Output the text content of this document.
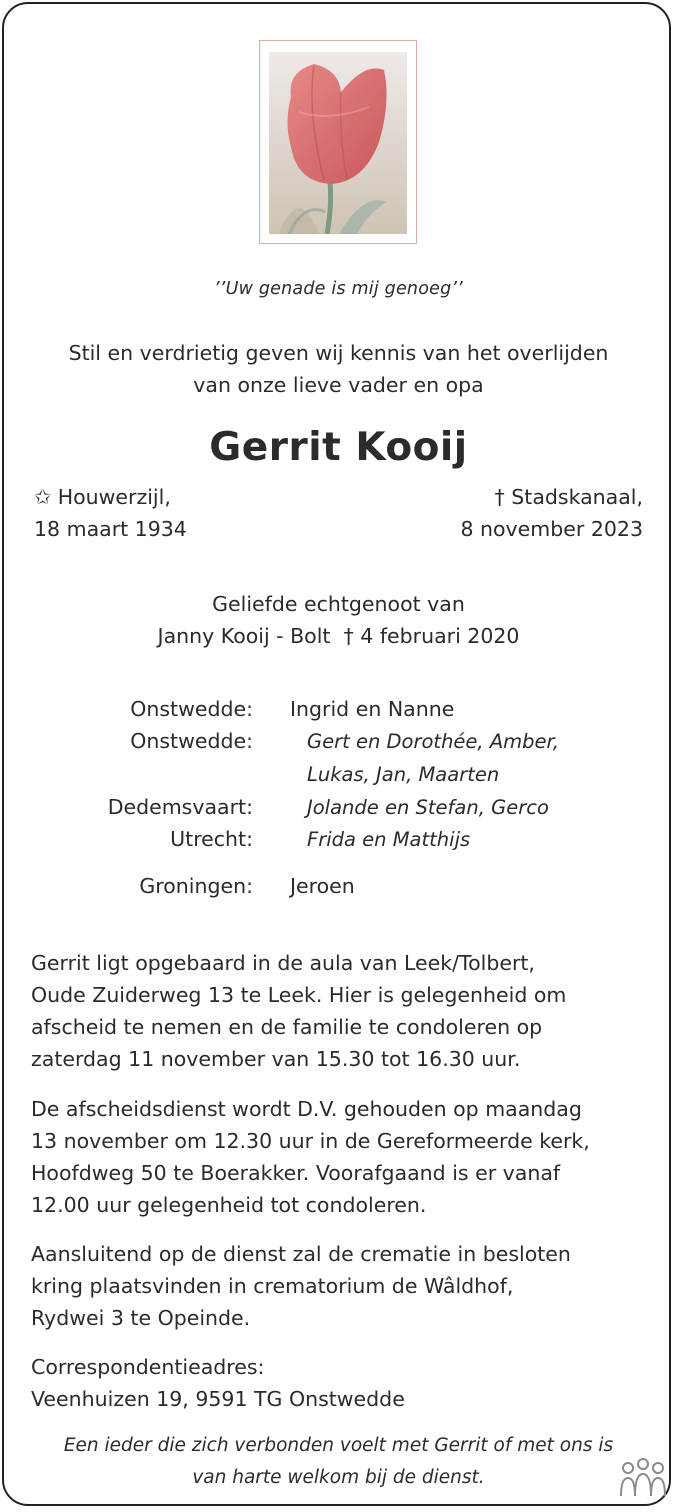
’’Uw genade is mij genoeg’’
Stil en verdrietig geven wij kennis van het overlijden
van onze lieve vader en opa
Gerrit Kooij
✩ Houwerzijl,
18 maart 1934
† Stadskanaal,
8 november 2023
Geliefde echtgenoot van
Janny Kooij - Bolt † 4 februari 2020
Onstwedde: Ingrid en Nanne
Onstwedde:	Gert en Dorothée, Amber,
Lukas, Jan, Maarten
Dedemsvaart:	Jolande en Stefan, Gerco
Utrecht:	Frida en Matthijs
Groningen: Jeroen
Gerrit ligt opgebaard in de aula van Leek/Tolbert,
Oude Zuiderweg 13 te Leek. Hier is gelegenheid om
afscheid te nemen en de familie te condoleren op
zaterdag 11 november van 15.30 tot 16.30 uur.
De afscheidsdienst wordt D.V. gehouden op maandag
13 november om 12.30 uur in de Gereformeerde kerk,
Hoofdweg 50 te Boerakker. Voorafgaand is er vanaf
12.00 uur gelegenheid tot condoleren.
Aansluitend op de dienst zal de crematie in besloten
kring plaatsvinden in crematorium de Wâldhof,
Rydwei 3 te Opeinde.
Correspondentieadres:
Veenhuizen 19, 9591 TG Onstwedde
Een ieder die zich verbonden voelt met Gerrit of met ons is
van harte welkom bij de dienst.
